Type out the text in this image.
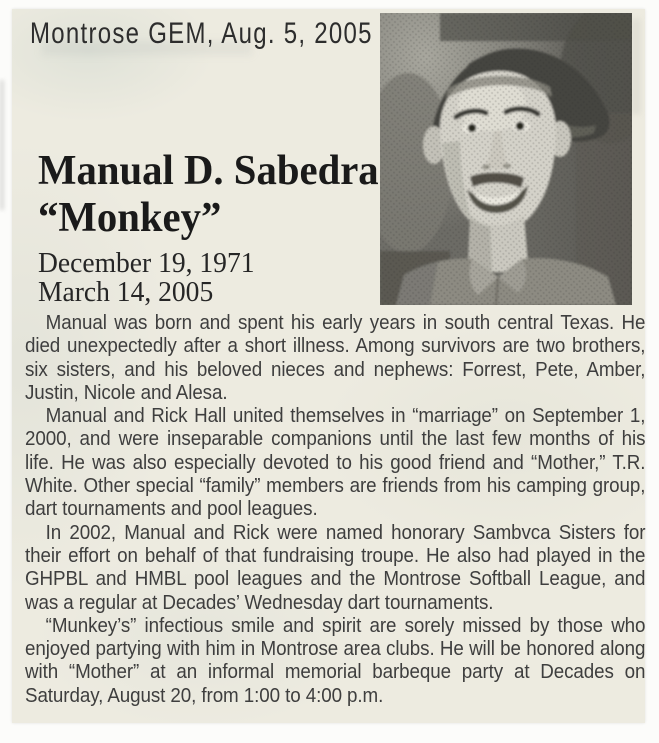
Montrose GEM, Aug. 5, 2005
Manual D. Sabedra
“Monkey”
December 19, 1971
March 14, 2005

Manual was born and spent his early years in south central Texas. He died unexpectedly after a short illness. Among survivors are two brothers, six sisters, and his beloved nieces and nephews: Forrest, Pete, Amber, Justin, Nicole and Alesa.

Manual and Rick Hall united themselves in “marriage” on September 1, 2000, and were inseparable companions until the last few months of his life. He was also especially devoted to his good friend and “Mother,” T.R. White. Other special “family” members are friends from his camping group, dart tournaments and pool leagues.

In 2002, Manual and Rick were named honorary Sambvca Sisters for their effort on behalf of that fundraising troupe. He also had played in the GHPBL and HMBL pool leagues and the Montrose Softball League, and was a regular at Decades’ Wednesday dart tournaments.

“Munkey’s” infectious smile and spirit are sorely missed by those who enjoyed partying with him in Montrose area clubs. He will be honored along with “Mother” at an informal memorial barbeque party at Decades on Saturday, August 20, from 1:00 to 4:00 p.m.
